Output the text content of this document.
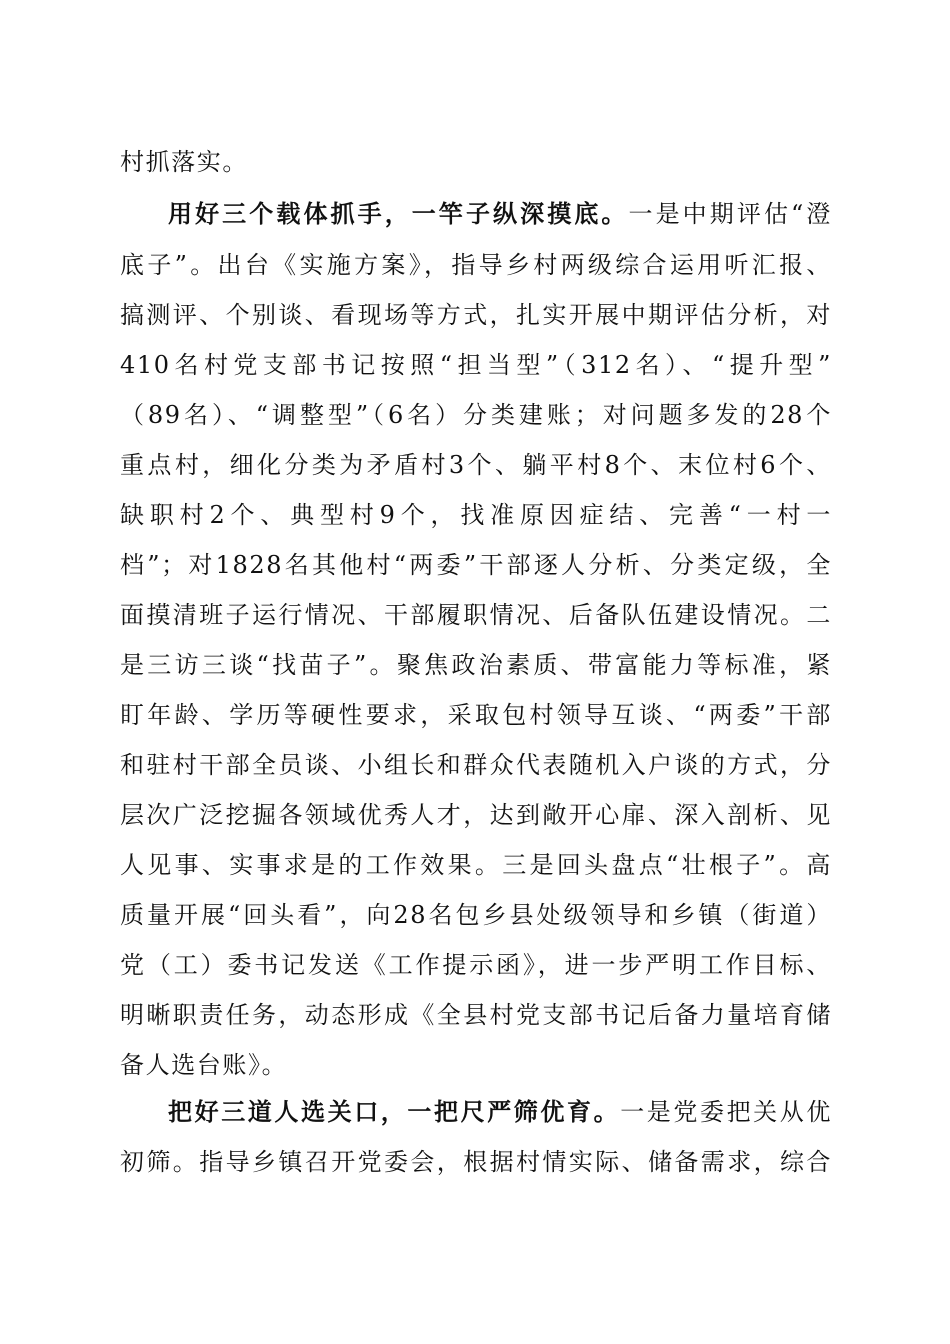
村抓落实。
用好三个载体抓手，一竿子纵深摸底。一是中期评估“澄
底子”。出台《实施方案》，指导乡村两级综合运用听汇报、
搞测评、个别谈、看现场等方式，扎实开展中期评估分析，对
410名村党支部书记按照“担当型”（312名）、“提升型”
（89名）、“调整型”（6名）分类建账；对问题多发的28个
重点村，细化分类为矛盾村3个、躺平村8个、末位村6个、
缺职村2个、典型村9个，找准原因症结、完善“一村一
档”；对1828名其他村“两委”干部逐人分析、分类定级，全
面摸清班子运行情况、干部履职情况、后备队伍建设情况。二
是三访三谈“找苗子”。聚焦政治素质、带富能力等标准，紧
盯年龄、学历等硬性要求，采取包村领导互谈、“两委”干部
和驻村干部全员谈、小组长和群众代表随机入户谈的方式，分
层次广泛挖掘各领域优秀人才，达到敞开心扉、深入剖析、见
人见事、实事求是的工作效果。三是回头盘点“壮根子”。高
质量开展“回头看”，向28名包乡县处级领导和乡镇（街道）
党（工）委书记发送《工作提示函》，进一步严明工作目标、
明晰职责任务，动态形成《全县村党支部书记后备力量培育储
备人选台账》。
把好三道人选关口，一把尺严筛优育。一是党委把关从优
初筛。指导乡镇召开党委会，根据村情实际、储备需求，综合
